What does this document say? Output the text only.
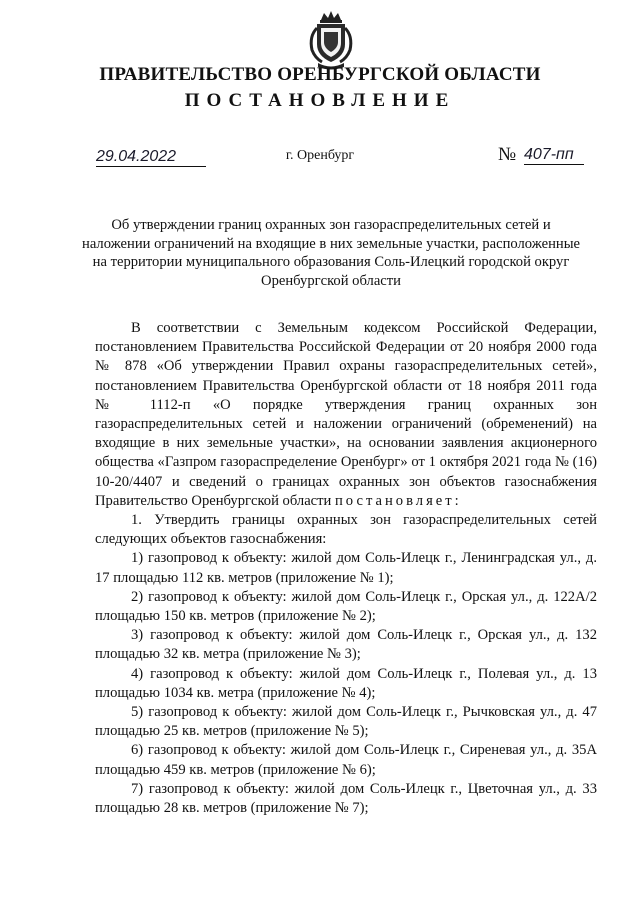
ПРАВИТЕЛЬСТВО ОРЕНБУРГСКОЙ ОБЛАСТИ
ПОСТАНОВЛЕНИЕ
29.04.2022	г. Оренбург	№ 407-пп
Об утверждении границ охранных зон газораспределительных сетей и наложении ограничений на входящие в них земельные участки, расположенные на территории муниципального образования Соль-Илецкий городской округ Оренбургской области

В соответствии с Земельным кодексом Российской Федерации, постановлением Правительства Российской Федерации от 20 ноября 2000 года № 878 «Об утверждении Правил охраны газораспределительных сетей», постановлением Правительства Оренбургской области от 18 ноября 2011 года № 1112-п «О порядке утверждения границ охранных зон газораспределительных сетей и наложении ограничений (обременений) на входящие в них земельные участки», на основании заявления акционерного общества «Газпром газораспределение Оренбург» от 1 октября 2021 года № (16) 10-20/4407 и сведений о границах охранных зон объектов газоснабжения Правительство Оренбургской области постановляет:

1. Утвердить границы охранных зон газораспределительных сетей следующих объектов газоснабжения:

1) газопровод к объекту: жилой дом Соль-Илецк г., Ленинградская ул., д. 17 площадью 112 кв. метров (приложение № 1);

2) газопровод к объекту: жилой дом Соль-Илецк г., Орская ул., д. 122А/2 площадью 150 кв. метров (приложение № 2);

3) газопровод к объекту: жилой дом Соль-Илецк г., Орская ул., д. 132 площадью 32 кв. метра (приложение № 3);

4) газопровод к объекту: жилой дом Соль-Илецк г., Полевая ул., д. 13 площадью 1034 кв. метра (приложение № 4);

5) газопровод к объекту: жилой дом Соль-Илецк г., Рычковская ул., д. 47 площадью 25 кв. метров (приложение № 5);

6) газопровод к объекту: жилой дом Соль-Илецк г., Сиреневая ул., д. 35А площадью 459 кв. метров (приложение № 6);

7) газопровод к объекту: жилой дом Соль-Илецк г., Цветочная ул., д. 33 площадью 28 кв. метров (приложение № 7);
